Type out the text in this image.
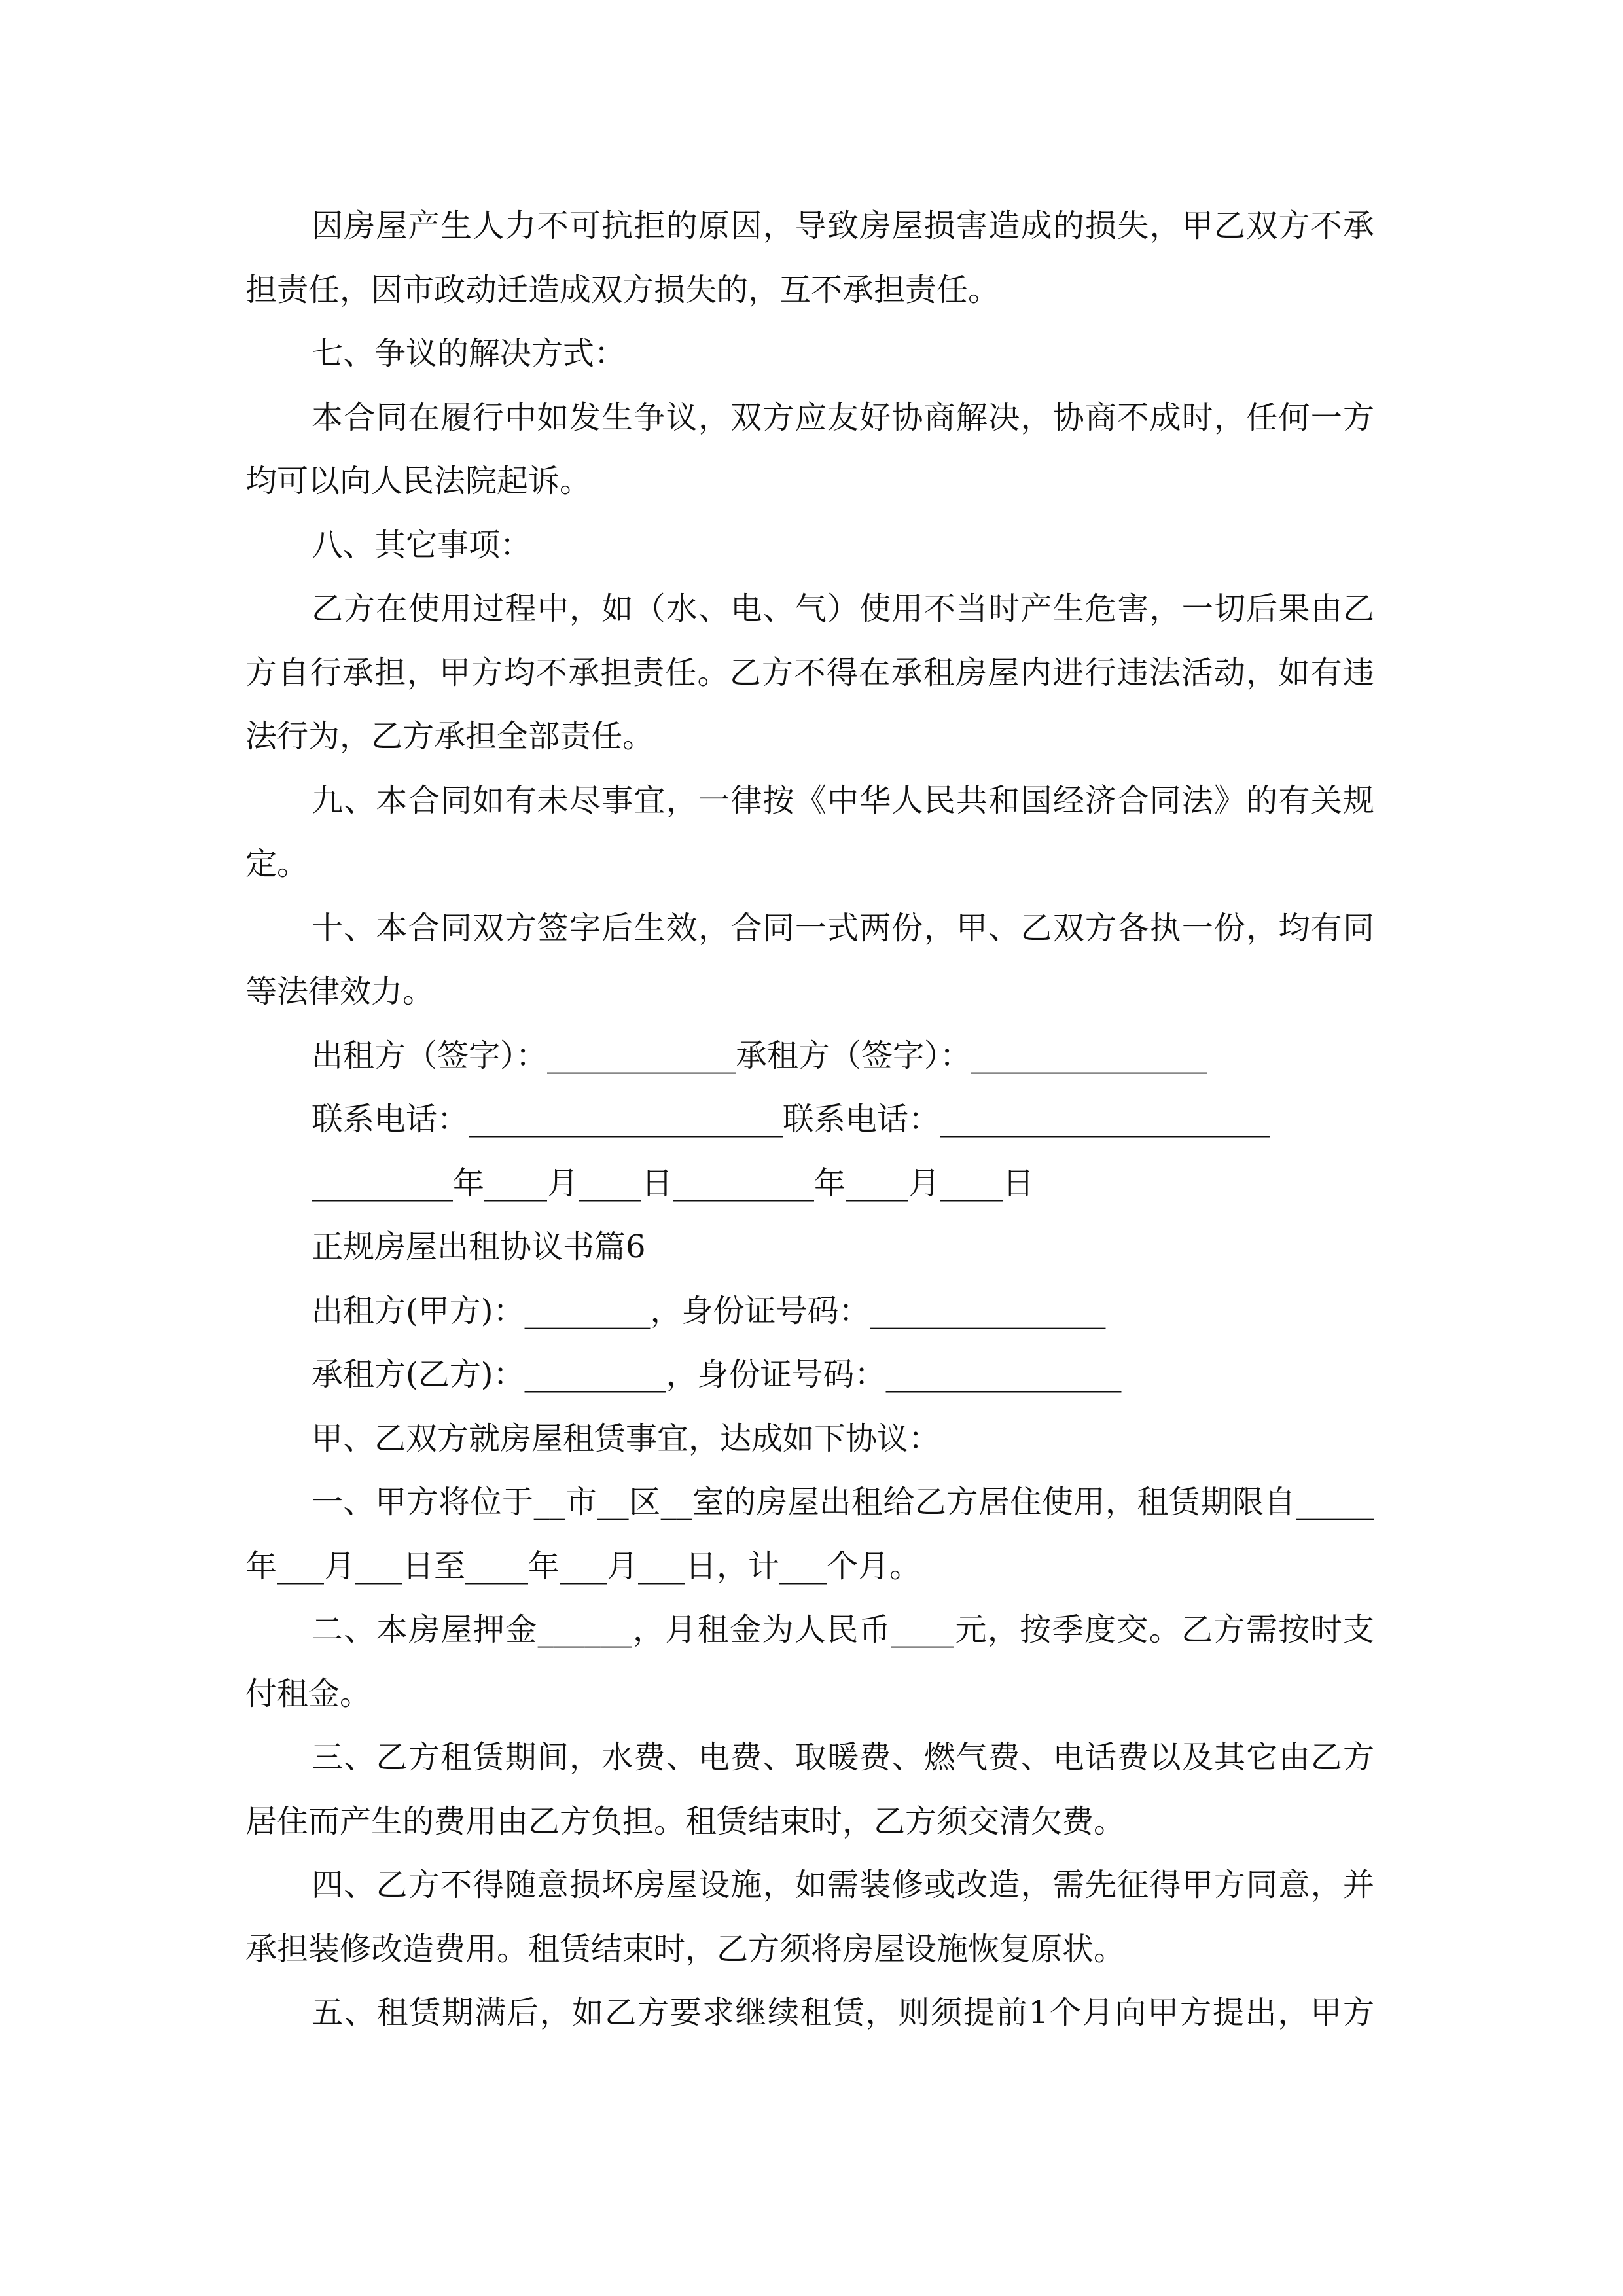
因房屋产生人力不可抗拒的原因，导致房屋损害造成的损失，甲乙双方不承
担责任，因市政动迁造成双方损失的，互不承担责任。
七、争议的解决方式：
本合同在履行中如发生争议，双方应友好协商解决，协商不成时，任何一方
均可以向人民法院起诉。
八、其它事项：
乙方在使用过程中，如（水、电、气）使用不当时产生危害，一切后果由乙
方自行承担，甲方均不承担责任。乙方不得在承租房屋内进行违法活动，如有违
法行为，乙方承担全部责任。
九、本合同如有未尽事宜，一律按《中华人民共和国经济合同法》的有关规
定。
十、本合同双方签字后生效，合同一式两份，甲、乙双方各执一份，均有同
等法律效力。
出租方（签字）：____________承租方（签字）：_______________
联系电话：____________________联系电话：_____________________
_________年____月____日_________年____月____日
正规房屋出租协议书篇6
出租方(甲方)：________，身份证号码：_______________
承租方(乙方)：_________，身份证号码：_______________
甲、乙双方就房屋租赁事宜，达成如下协议：
一、甲方将位于__市__区__室的房屋出租给乙方居住使用，租赁期限自_____
年___月___日至____年___月___日，计___个月。
二、本房屋押金______，月租金为人民币____元，按季度交。乙方需按时支
付租金。
三、乙方租赁期间，水费、电费、取暖费、燃气费、电话费以及其它由乙方
居住而产生的费用由乙方负担。租赁结束时，乙方须交清欠费。
四、乙方不得随意损坏房屋设施，如需装修或改造，需先征得甲方同意，并
承担装修改造费用。租赁结束时，乙方须将房屋设施恢复原状。
五、租赁期满后，如乙方要求继续租赁，则须提前1个月向甲方提出，甲方
